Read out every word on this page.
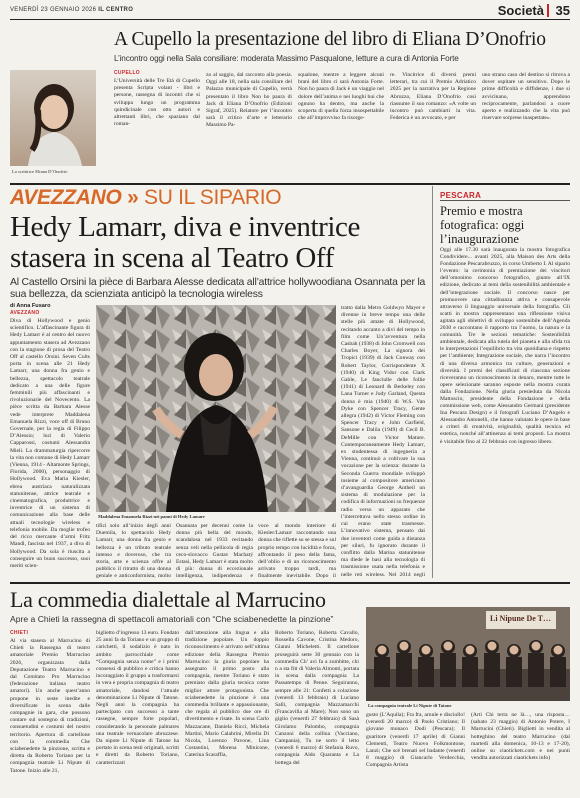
VENERDÌ 23 GENNAIO 2026 IL CENTRO	Società 35
La scrittrice Eliana D’Onofrio
A Cupello la presentazione del libro di Eliana D’Onofrio
L’incontro oggi nella Sala consiliare: moderata Massimo Pasqualone, letture a cura di Antonia Forte
CUPELLO
L’Università delle Tre Età di Cupello presenta Scripta volant - libri e persone, rassegna di incontri che si sviluppa lungo un programma quindicinale con otto autori e altrettanti libri, che spaziano dal roman-
zo al saggio, dal racconto alla poesia. Oggi alle 18, nella sala consiliare del Palazzo municipale di Cupello, verrà presentato il libro Non ho paura di Jack di Eliana D’Onofrio (Edizioni Sigraf, 2025). Relatore per l’incontro sarà il critico d’arte e letterario Massimo Pa-
squalone, mentre a leggere alcuni brani del libro ci sarà Antonia Forte. Non ho paura di Jack è un viaggio nel dolore dell’anima e nei luoghi bui che ognuno ha dentro, ma anche la scoperta di quella forza insospettabile che all’improvviso fa risorge-
re. Vincitrice di diversi premi letterari, tra cui il Premio Adriatico 2025 per la narrativa per la Regione Abruzzo, Eliana D’Onofrio così riassume il suo romanzo: «A volte un incontro può cambiarti la vita. Federica è un avvocato, e per
uno strano caso del destino si ritrova a dover ospitare un sensitivo. Dopo le prime difficoltà e diffidenze, i due si avvicinano, apprendono reciprocamente, parlandosi a cuore aperto e realizzando che la vita può riservare sorprese inaspettate».
AVEZZANO » SU IL SIPARIO
Hedy Lamarr, diva e inventrice stasera in scena al Teatro Off
Al Castello Orsini la pièce di Barbara Alesse dedicata all’attrice hollywoodiana Osannata per la sua bellezza, da scienziata anticipò la tecnologia wireless
di Anna Fusaro
AVEZZANO
Diva di Hollywood e genio scientifico. L’affascinante figura di Hedy Lamarr è al centro del nuovo appuntamento stasera ad Avezzano con la stagione di prosa del Teatro Off al castello Orsini. Seven Cults porta in scena alle 21 Hedy Lamarr, una donna fra genio e bellezza, spettacolo teatrale dedicato a una delle figure femminili più affascinanti e rivoluzionarie del Novecento. La pièce scritta da Barbara Alesse vede interprete Maddalena Emanuela Rizzi, voce off di Bruno Governale, per la regia di Filippo D’Alessio; luci di Valerio Capparossi, costumi Alessandra Mieli. La drammaturgia ripercorre la vita non comune di Hedy Lamarr (Vienna, 1914 - Altamonte Springs, Florida, 2000), personaggio di Hollywood. Eva Maria Kiesler, ebrea austriaca naturalizzata statunitense, attrice teatrale e cinematografica, produttrice e inventrice di un sistema di comunicazione alla base delle attuali tecnologie wireless e telefonia mobile. Da moglie trofeo del ricco mercante d’armi Fritz Mandl, fascista nel 1937, a diva di Hollywood. Da sola è riuscita a conseguire un buon successo, suoi meriti scien-
Maddalena Emanuela Rizzi nei panni di Hedy Lamarr
tifici solo all’inizio degli anni Duemila, lo spettacolo Hedy Lamarr, una donna fra genio e bellezza è un tributo teatrale intenso e doveroso, che tra storia, arte e scienza offre al pubblico il ritratto di una donna geniale e anticonformista, molto
Osannata per decenni come la donna più bella del mondo, scandalosa nel 1933 recitando senza veli nella pellicola di regia ceco-slovacco Gustav Machatý Estasi, Hedy Lamarr è stata molto di più: donna di eccezionale intelligenza, indipendenza e
voce al mondo interiore di Kiesler/Lamarr raccontando una donna che riflette su se stessa e sul proprio tempo con lucidità e forza, affrontando il peso della fama, dell’oblio e di un riconoscimento arrivato troppo tardi, ma finalmente inevitabile. Dopo il
tratto dalla Metro Goldwyn Mayer e divenne in breve tempo una delle stelle più amate di Hollywood, recitando accanto a divi del tempo in film come Un’avventura nella Casbah (1938) di John Cromwell con Charles Boyer, La signora dei Tropici (1939) di Jack Conway con Robert Taylor, Corrispondente X (1940) di King Vidor con Clark Gable, Le fanciulle delle follie (1941) di Leonard & Berkeley con Lana Turner e Judy Garland, Questa donna è mia (1940) di W.S. Van Dyke con Spencer Tracy, Gente allegra (1942) di Victor Fleming con Spencer Tracy e John Garfield, Sansone e Dalila (1949) di Cecil B. DeMille con Victor Mature. Contemporaneamente Hedy Lamarr, ex studentessa di ingegneria a Vienna, continuò a coltivare la sua vocazione per la scienza: durante la Seconda Guerra mondiale sviluppò insieme al compositore americano d’avanguardia George Antheil un sistema di modulazione per la codifica di informazioni su frequenze radio verso un apparato che l’intercettava nello stesso ordine in cui erano state trasmesse. L’innovativo sistema, pensato dai due inventori come guida a distanza per siluri, fu ignorato durante il conflitto dalla Marina statunitense ma diede le basi alla tecnologia di trasmissione usata nella telefonia e nelle reti wireless. Nel 2014 negli
PESCARA
Premio e mostra fotografica: oggi l’inaugurazione
Oggi alle 17.30 sarà inaugurata la mostra fotografica Condividere... avanti 2025, alla Maison des Arts della Fondazione Pescarabruzzo, in corso Umberto I. Al sipario l’evento: la cerimonia di premiazione dei vincitori dell’omonimo concorso fotografico, giunto all’IX edizione, dedicato ai temi della sostenibilità ambientale e dell’integrazione sociale. Il concorso nasce per promuovere una cittadinanza attiva e consapevole attraverso il linguaggio universale della fotografia. Gli scatti in mostra rappresentano una riflessione visiva agitata agli obiettivi di sviluppo sostenibile dell’Agenda 2030 e raccontano il rapporto tra l’uomo, la natura e la comunità. Tre le sezioni tematiche: Sostenibilità ambientale, dedicata alla tutela del pianeta e alla sfida tra le interpretazioni l’equilibrio tra vita quotidiana e rispetto per l’ambiente; Integrazione sociale, che narra l’incontro di una diversa armonica tra culture, generazioni e diversità. I premi dei classificati di ciascuna sezione riceveranno un riconoscimento in denaro, mentre tutte le opere selezionate saranno esposte nella mostra curata dalla Fondazione. Nella giuria presieduta da Nicola Mattoscio, presidente della Fondazione e della commissione web, come Alessandro Germani (presidente Ina Pescara Design) e il fotografi Luciano D’Angelo e Alessandro Antonelli, che hanno valutato le opere in base a criteri di creatività, originalità, qualità tecnica ed estetica, nonché all’attinenza ai temi proposti. La mostra è visitabile fino al 22 febbraio con ingresso libero.
La commedia dialettale al Marrucino
Apre a Chieti la rassegna di spettacoli amatoriali con “Che sciabenedette la pinzione”
CHIETI
Al via stasera al Marrucino di Chieti la Rassegna di teatro amatoriale Premio Marrucino 2026, organizzata dalla Deputazione Teatro Marrucino e dal Comitato Pro Marrucino (federazione italiana teatro amatori). Un anche quest’anno propone in seste inedite e diversificate in scena dalle compagnie in gara, che possono contare sul sostegno di tradizioni, consuetudini e costumi del nostro territorio. Apertura di cartellone con la commedia Che sciabenedette la pinzione, scritta e diretta da Roberto Toriano per la compagnia teatrale Li Nipute di Tatone. Inizio alle 21,
biglietto d’ingresso 13 euro. Fondato 25 anni fa da Toriano e un gruppo di carichetti, il sodalizio è nato in ambito parrocchiale come “Compagnia senza nome” e i primi consensi di pubblico e critica hanno incoraggiato il gruppo a trasformarsi in vera e propria compagnia di teatro amatoriale, dandosi l’attuale denominazione Li Nipute di Tatone. Negli anni la compagnia ha partecipato con successo a tante rassegne, sempre forte popolari, considerando la personale palmares una teatrale vernacolare abruzzese. Da nipote Li Nipute di Tatone ha portato in scena testi originali, scritti e diretti da Roberto Toriano, caratterizzati
dall’attenzione alla lingua e alla tradizione popolare. Un doppio riconoscimento è arrivato nell’ultima edizione della Rassegna Premio Marrucino: la giuria popolare ha assegnato il primo posto alla compagnia, mentre Toriano è stato premiato dalla giuria tecnica come miglior attore protagonista. Che sciabenedette la pinzione è una commedia brillante e appassionante, che regala al pubblico due ore di divertimento e risate. In scena Carlo Mazzacane, Daniela Ricci, Michela Martini, Mario Calabrini, Mirella Di Nicola, Lorenzo Pavone, Lina Costantini, Morena Minicone, Caterina Scaraffia,
Roberto Toriano, Roberta Cavallo, Rossella Cavone, Cristina Medoro, Gianni Micheletti. Il cartellone proseguirà sette 30 gennaio con la commedia Ch’ avì fa a zumbitte, chi n a sta fitt di Valeria Almonti, portata in scena dalla compagnia La Passatempo di Penne. Seguiranno, sempre alle 21: Confetti a colazione (venerdì 13 febbraio) di Luciano Salli, compagnia Mazzamacchi (Francavilla al Mare); Non sono un giglio (venerdì 27 febbraio) di Sasà Girolamo Palombo, compagnia Canzoni della collina (Vacciano, Campania), Tu ne sorto il letto (venerdì 6 marzo) di Stefania Ruvo, compagnia Aldo Quaranta e La bottega del
Li Nipune De T…
La compagnia teatrale Li Nipute di Tatone
gusto (L’Aquila); Fra fra, arnule e disciullo! (venerdì 20 marzo) di Paolo Cristiano; Il giovane monaco Dodi (Pescara); Il guaritore (venerdì 17 aprile) di Gianni Clementi, Teatro Nuovo Folkmontone, Lanzi; Che scé brenati sel badante (venerdì 8 maggio) di Giancarlo Verdecchia, Compagnia Artista
(Arti Chi terra ne là…, una risposta… (sabato 23 maggio) di Antonio Potere, I Marrucini (Chieti). Biglietti in vendita al botteghino del teatro Marrucino (dal martedì alla domenica, 10-13 e 17-20), online su ciaotickets.com e nei punti vendita autorizzati ciaotickets info)
